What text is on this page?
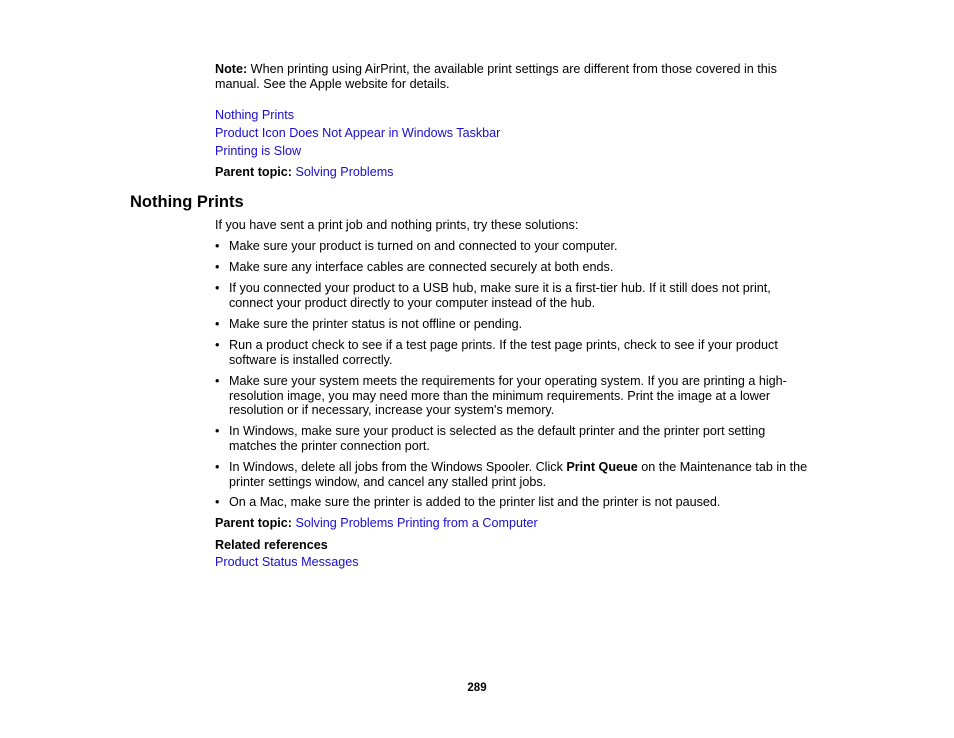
Note: When printing using AirPrint, the available print settings are different from those covered in this manual. See the Apple website for details.
Nothing Prints
Product Icon Does Not Appear in Windows Taskbar
Printing is Slow
Parent topic: Solving Problems
Nothing Prints
If you have sent a print job and nothing prints, try these solutions:
• Make sure your product is turned on and connected to your computer.
• Make sure any interface cables are connected securely at both ends.
• If you connected your product to a USB hub, make sure it is a first-tier hub. If it still does not print, connect your product directly to your computer instead of the hub.
• Make sure the printer status is not offline or pending.
• Run a product check to see if a test page prints. If the test page prints, check to see if your product software is installed correctly.
• Make sure your system meets the requirements for your operating system. If you are printing a high-resolution image, you may need more than the minimum requirements. Print the image at a lower resolution or if necessary, increase your system's memory.
• In Windows, make sure your product is selected as the default printer and the printer port setting matches the printer connection port.
• In Windows, delete all jobs from the Windows Spooler. Click Print Queue on the Maintenance tab in the printer settings window, and cancel any stalled print jobs.
• On a Mac, make sure the printer is added to the printer list and the printer is not paused.
Parent topic: Solving Problems Printing from a Computer
Related references
Product Status Messages
289
